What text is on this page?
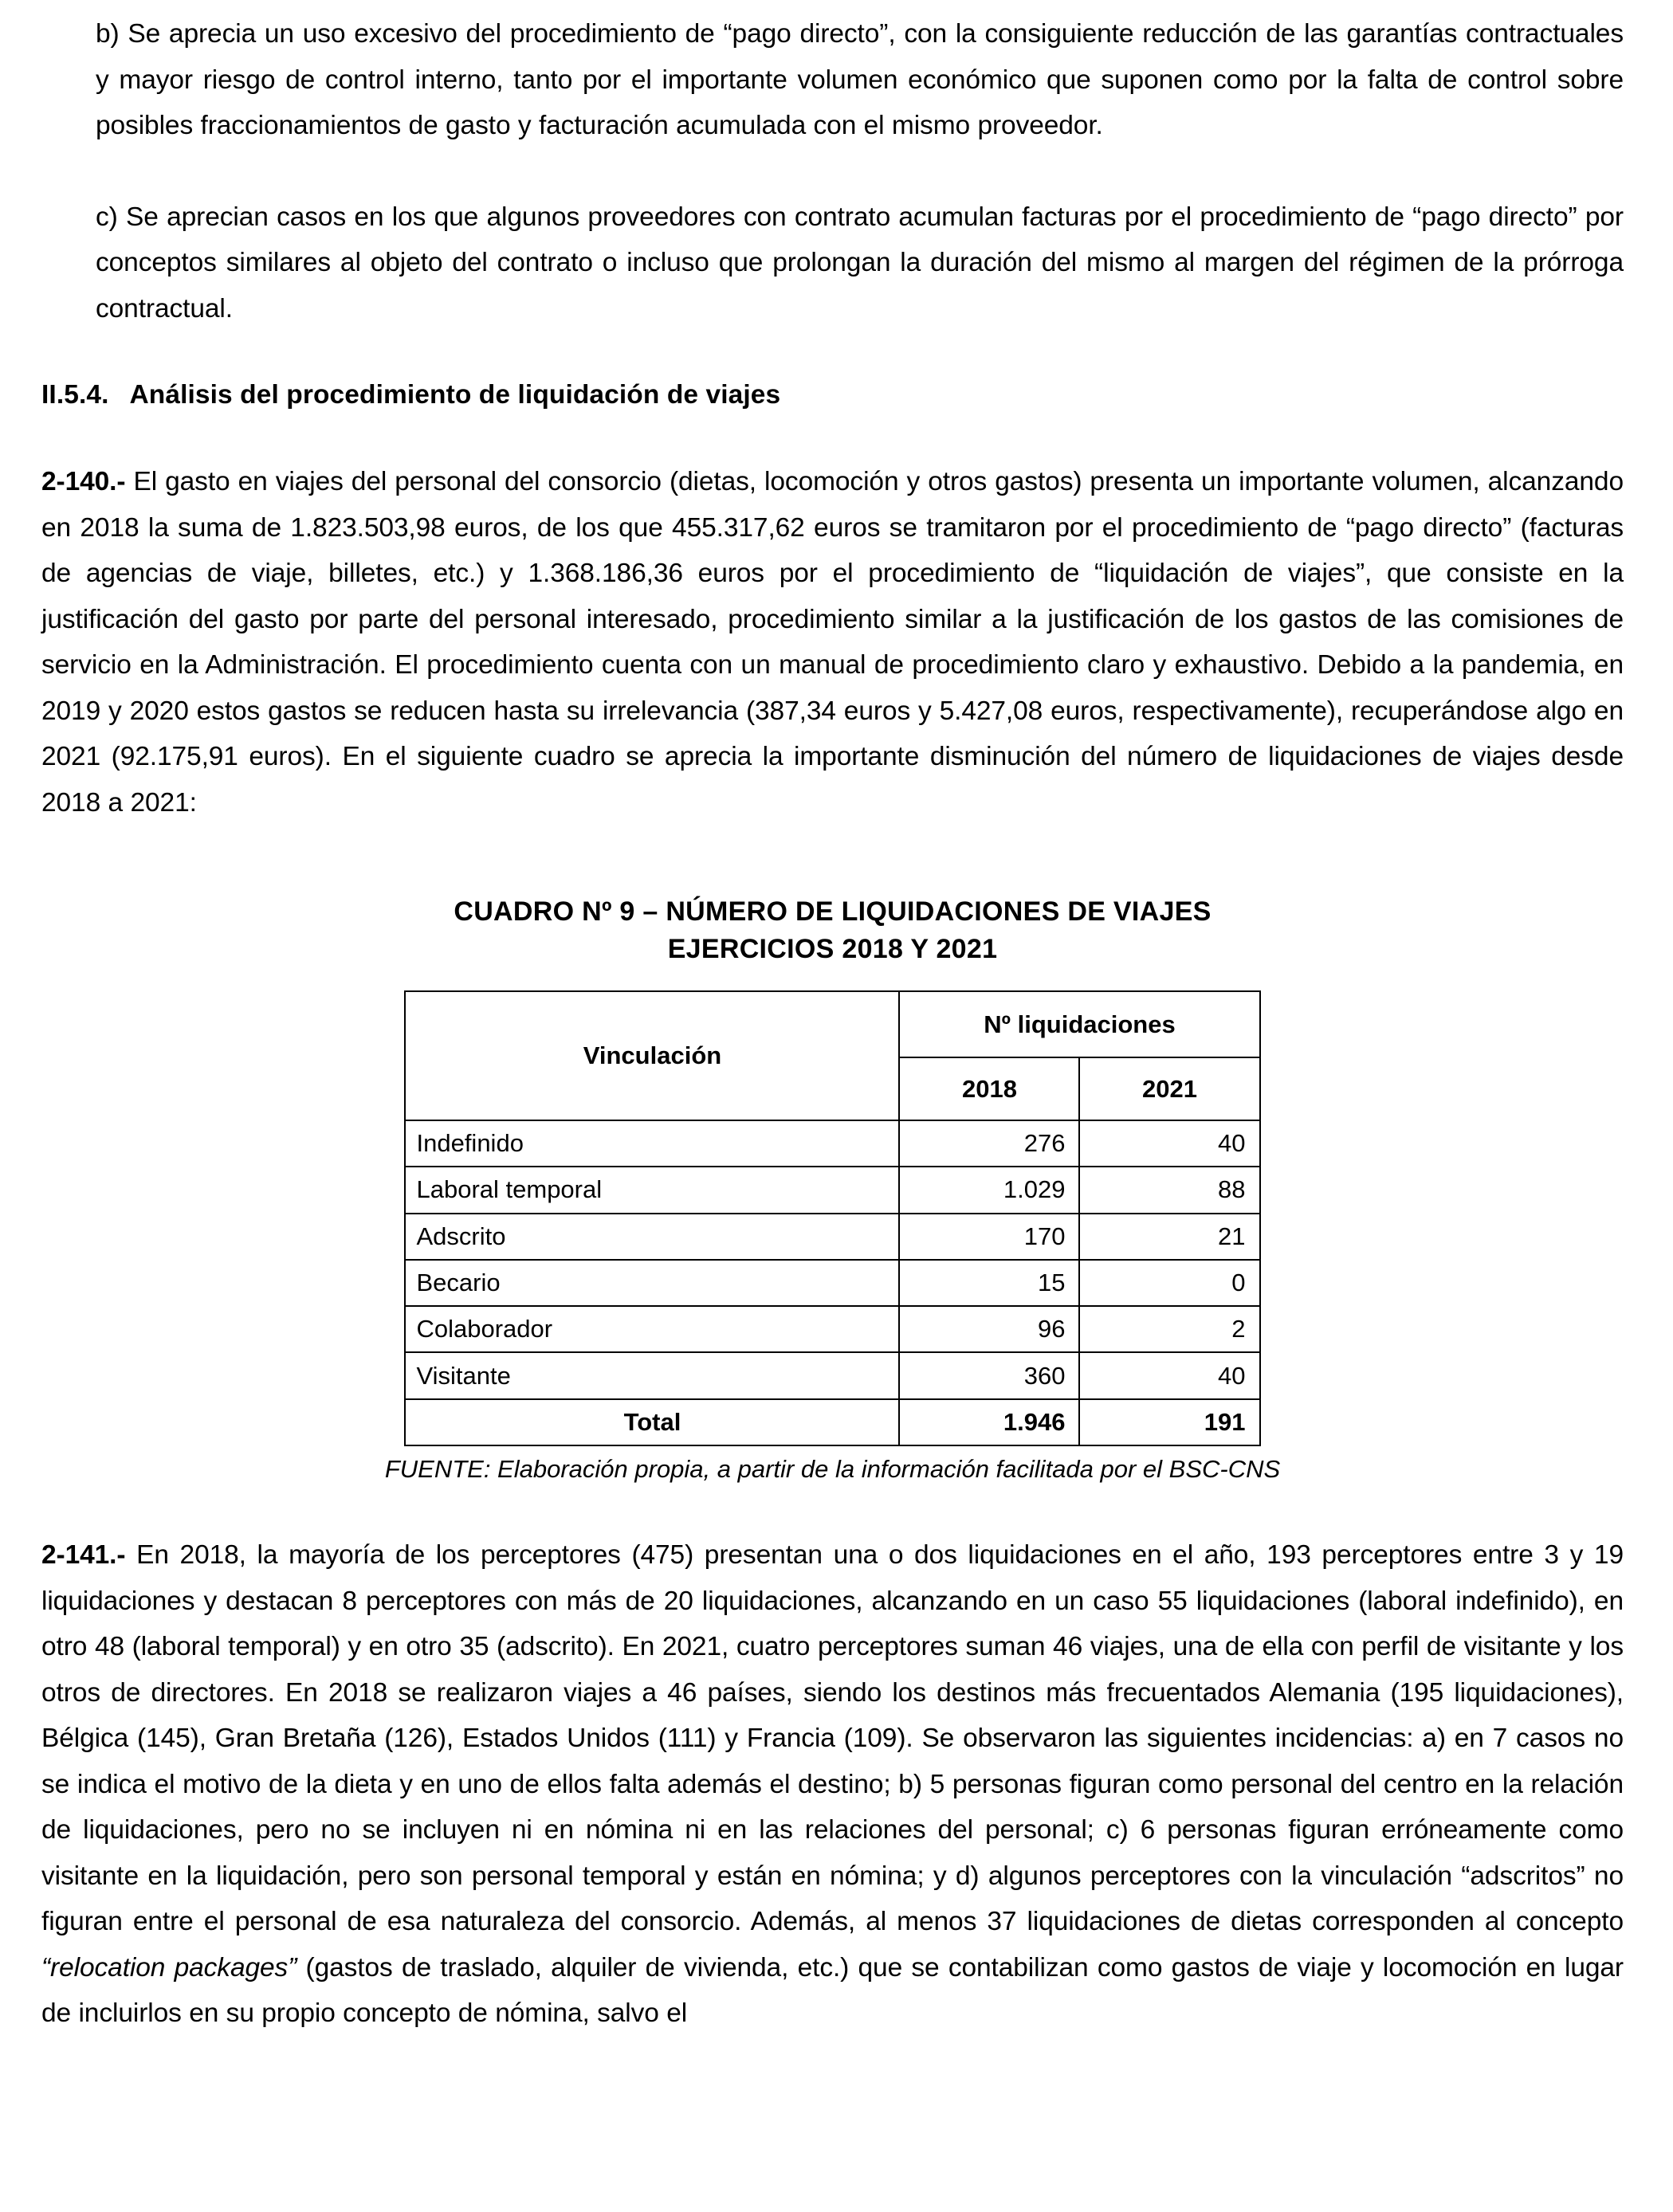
b) Se aprecia un uso excesivo del procedimiento de “pago directo”, con la consiguiente reducción de las garantías contractuales y mayor riesgo de control interno, tanto por el importante volumen económico que suponen como por la falta de control sobre posibles fraccionamientos de gasto y facturación acumulada con el mismo proveedor.

c) Se aprecian casos en los que algunos proveedores con contrato acumulan facturas por el procedimiento de “pago directo” por conceptos similares al objeto del contrato o incluso que prolongan la duración del mismo al margen del régimen de la prórroga contractual.

II.5.4. Análisis del procedimiento de liquidación de viajes

2-140.- El gasto en viajes del personal del consorcio (dietas, locomoción y otros gastos) presenta un importante volumen, alcanzando en 2018 la suma de 1.823.503,98 euros, de los que 455.317,62 euros se tramitaron por el procedimiento de “pago directo” (facturas de agencias de viaje, billetes, etc.) y 1.368.186,36 euros por el procedimiento de “liquidación de viajes”, que consiste en la justificación del gasto por parte del personal interesado, procedimiento similar a la justificación de los gastos de las comisiones de servicio en la Administración. El procedimiento cuenta con un manual de procedimiento claro y exhaustivo. Debido a la pandemia, en 2019 y 2020 estos gastos se reducen hasta su irrelevancia (387,34 euros y 5.427,08 euros, respectivamente), recuperándose algo en 2021 (92.175,91 euros). En el siguiente cuadro se aprecia la importante disminución del número de liquidaciones de viajes desde 2018 a 2021:

CUADRO Nº 9 – NÚMERO DE LIQUIDACIONES DE VIAJES

EJERCICIOS 2018 Y 2021

Vinculación	Nº liquidaciones	
	2018	2021
Indefinido	276	40
Laboral temporal	1.029	88
Adscrito	170	21
Becario	15	0
Colaborador	96	2
Visitante	360	40
Total	1.946	191

FUENTE: Elaboración propia, a partir de la información facilitada por el BSC-CNS

2-141.- En 2018, la mayoría de los perceptores (475) presentan una o dos liquidaciones en el año, 193 perceptores entre 3 y 19 liquidaciones y destacan 8 perceptores con más de 20 liquidaciones, alcanzando en un caso 55 liquidaciones (laboral indefinido), en otro 48 (laboral temporal) y en otro 35 (adscrito). En 2021, cuatro perceptores suman 46 viajes, una de ella con perfil de visitante y los otros de directores. En 2018 se realizaron viajes a 46 países, siendo los destinos más frecuentados Alemania (195 liquidaciones), Bélgica (145), Gran Bretaña (126), Estados Unidos (111) y Francia (109). Se observaron las siguientes incidencias: a) en 7 casos no se indica el motivo de la dieta y en uno de ellos falta además el destino; b) 5 personas figuran como personal del centro en la relación de liquidaciones, pero no se incluyen ni en nómina ni en las relaciones del personal; c) 6 personas figuran erróneamente como visitante en la liquidación, pero son personal temporal y están en nómina; y d) algunos perceptores con la vinculación “adscritos” no figuran entre el personal de esa naturaleza del consorcio. Además, al menos 37 liquidaciones de dietas corresponden al concepto “relocation packages” (gastos de traslado, alquiler de vivienda, etc.) que se contabilizan como gastos de viaje y locomoción en lugar de incluirlos en su propio concepto de nómina, salvo el
